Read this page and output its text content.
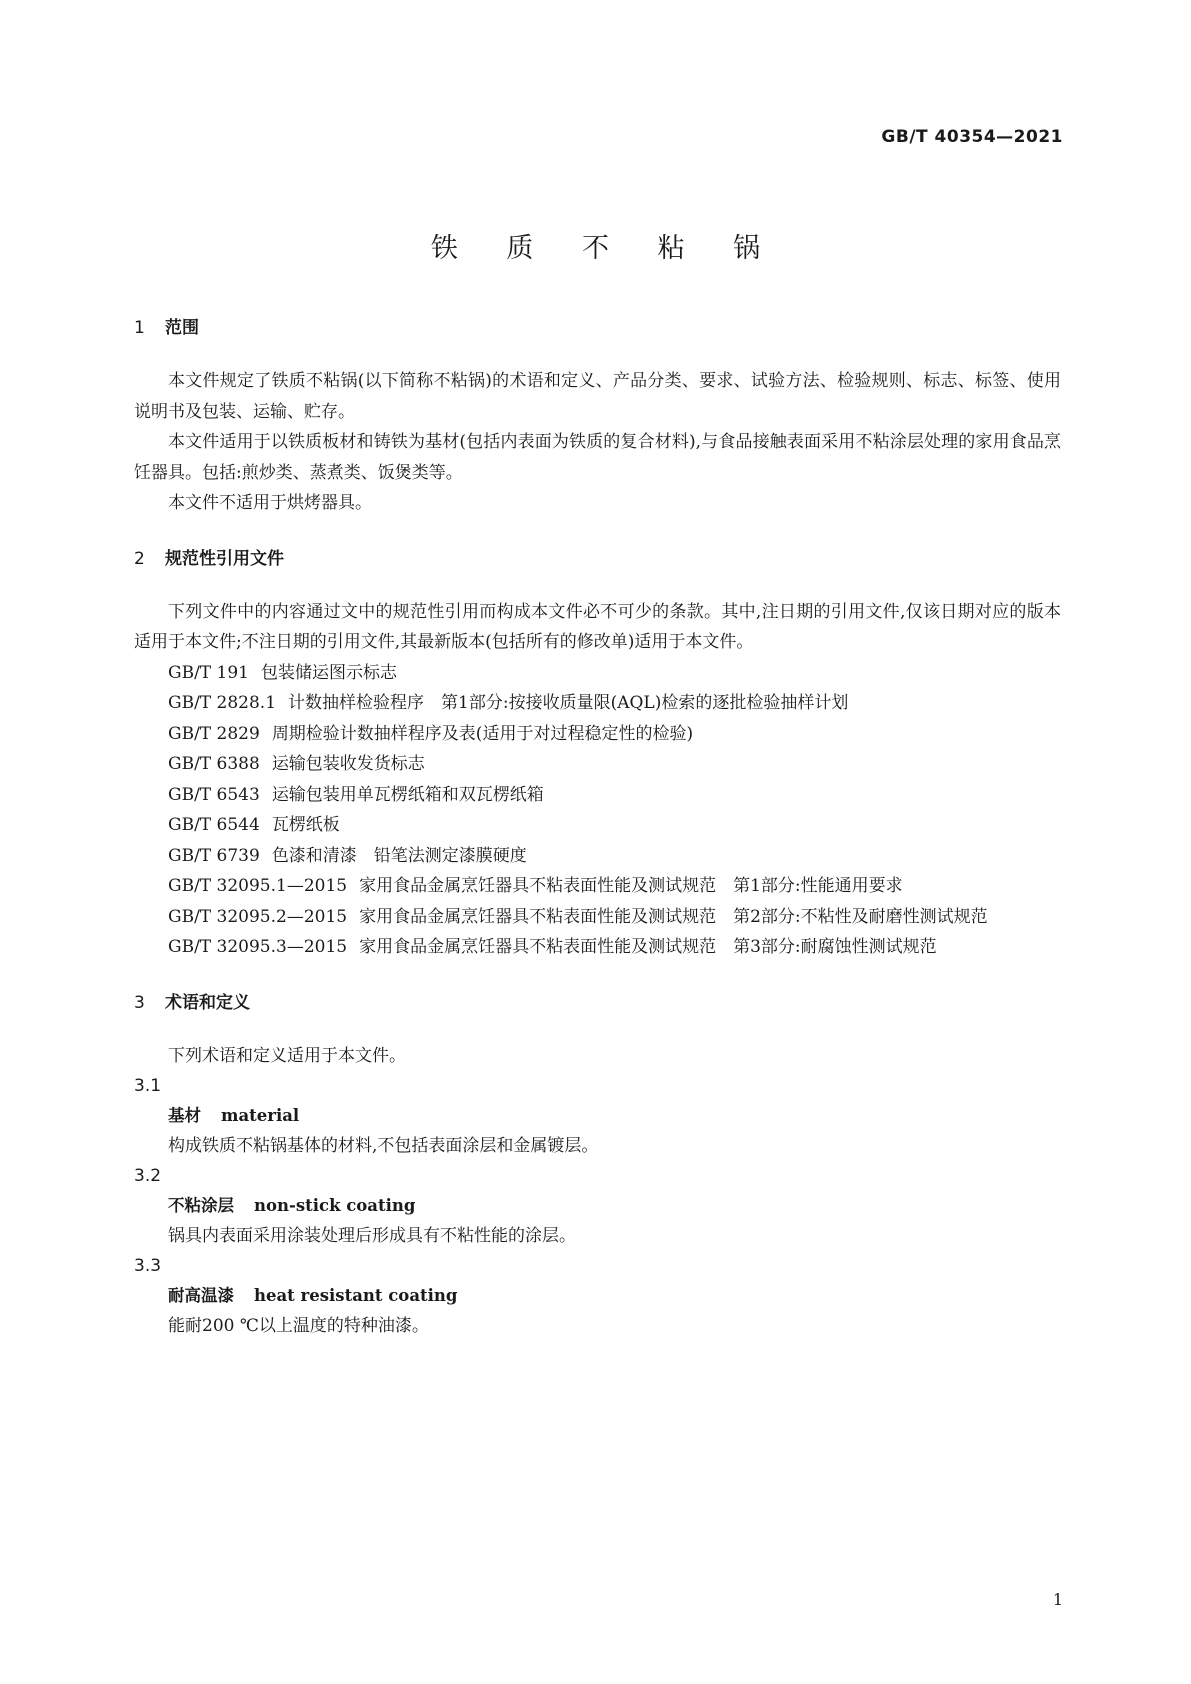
GB/T 40354—2021
铁 质 不 粘 锅
1 范围

本文件规定了铁质不粘锅(以下简称不粘锅)的术语和定义、产品分类、要求、试验方法、检验规则、标志、标签、使用说明书及包装、运输、贮存。

本文件适用于以铁质板材和铸铁为基材(包括内表面为铁质的复合材料),与食品接触表面采用不粘涂层处理的家用食品烹饪器具。包括:煎炒类、蒸煮类、饭煲类等。

本文件不适用于烘烤器具。

2 规范性引用文件

下列文件中的内容通过文中的规范性引用而构成本文件必不可少的条款。其中,注日期的引用文件,仅该日期对应的版本适用于本文件;不注日期的引用文件,其最新版本(包括所有的修改单)适用于本文件。

GB/T 191 包装储运图示标志

GB/T 2828.1 计数抽样检验程序　第1部分:按接收质量限(AQL)检索的逐批检验抽样计划

GB/T 2829 周期检验计数抽样程序及表(适用于对过程稳定性的检验)

GB/T 6388 运输包装收发货标志

GB/T 6543 运输包装用单瓦楞纸箱和双瓦楞纸箱

GB/T 6544 瓦楞纸板

GB/T 6739 色漆和清漆　铅笔法测定漆膜硬度

GB/T 32095.1—2015 家用食品金属烹饪器具不粘表面性能及测试规范　第1部分:性能通用要求

GB/T 32095.2—2015 家用食品金属烹饪器具不粘表面性能及测试规范　第2部分:不粘性及耐磨性测试规范

GB/T 32095.3—2015 家用食品金属烹饪器具不粘表面性能及测试规范　第3部分:耐腐蚀性测试规范

3 术语和定义

下列术语和定义适用于本文件。

3.1
基材 material
构成铁质不粘锅基体的材料,不包括表面涂层和金属镀层。
3.2
不粘涂层 non-stick coating
锅具内表面采用涂装处理后形成具有不粘性能的涂层。
3.3
耐高温漆 heat resistant coating
能耐200 ℃以上温度的特种油漆。
1
